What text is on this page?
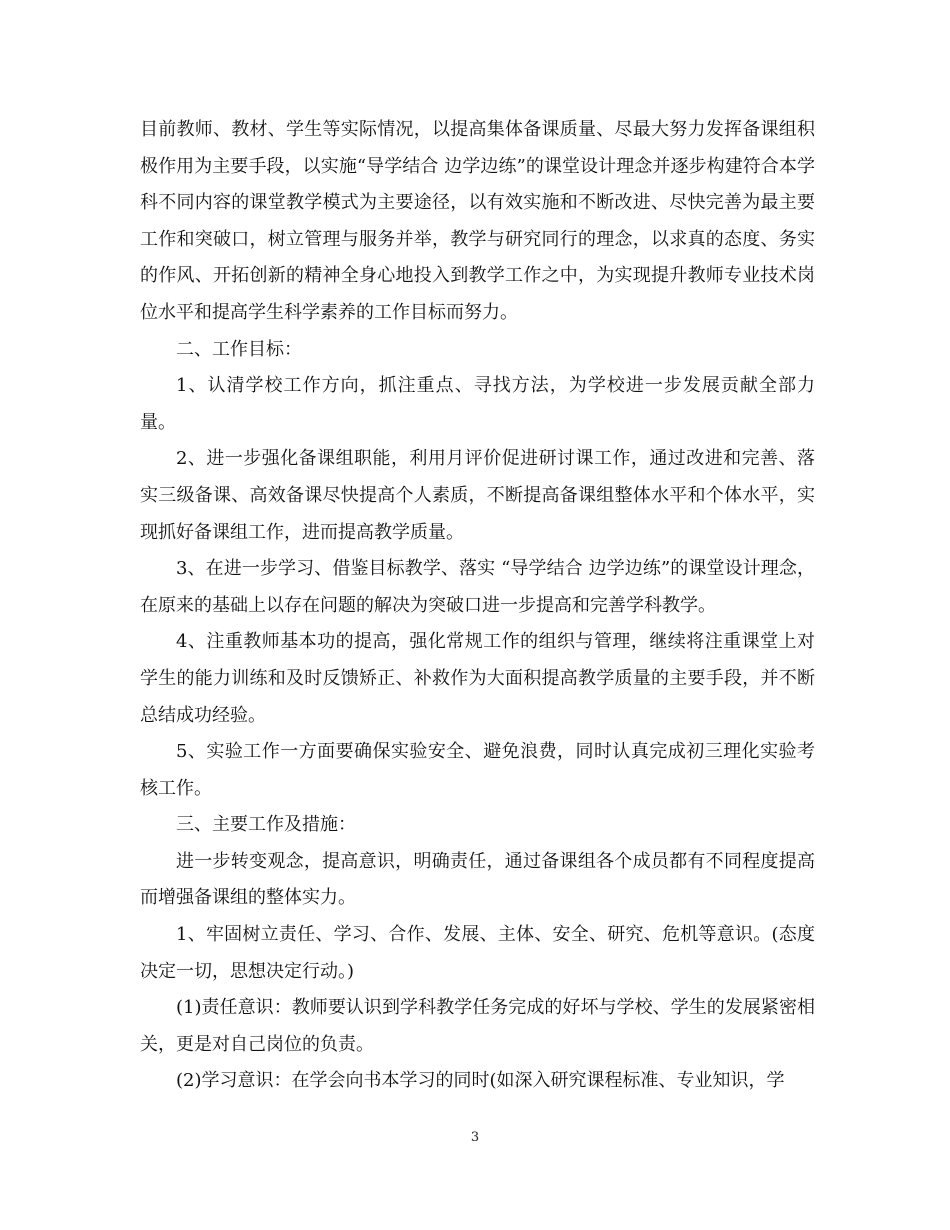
目前教师、教材、学生等实际情况，以提高集体备课质量、尽最大努力发挥备课组积极作用为主要手段，以实施“导学结合 边学边练”的课堂设计理念并逐步构建符合本学科不同内容的课堂教学模式为主要途径，以有效实施和不断改进、尽快完善为最主要工作和突破口，树立管理与服务并举，教学与研究同行的理念，以求真的态度、务实的作风、开拓创新的精神全身心地投入到教学工作之中，为实现提升教师专业技术岗位水平和提高学生科学素养的工作目标而努力。

二、工作目标：

1、认清学校工作方向，抓注重点、寻找方法，为学校进一步发展贡献全部力量。

2、进一步强化备课组职能，利用月评价促进研讨课工作，通过改进和完善、落实三级备课、高效备课尽快提高个人素质，不断提高备课组整体水平和个体水平，实现抓好备课组工作，进而提高教学质量。

3、在进一步学习、借鉴目标教学、落实 “导学结合 边学边练”的课堂设计理念，在原来的基础上以存在问题的解决为突破口进一步提高和完善学科教学。

4、注重教师基本功的提高，强化常规工作的组织与管理，继续将注重课堂上对学生的能力训练和及时反馈矫正、补救作为大面积提高教学质量的主要手段，并不断总结成功经验。

5、实验工作一方面要确保实验安全、避免浪费，同时认真完成初三理化实验考核工作。

三、主要工作及措施：

进一步转变观念，提高意识，明确责任，通过备课组各个成员都有不同程度提高而增强备课组的整体实力。

1、牢固树立责任、学习、合作、发展、主体、安全、研究、危机等意识。(态度决定一切，思想决定行动。)

(1)责任意识：教师要认识到学科教学任务完成的好坏与学校、学生的发展紧密相关，更是对自己岗位的负责。

(2)学习意识：在学会向书本学习的同时(如深入研究课程标准、专业知识，学

3
